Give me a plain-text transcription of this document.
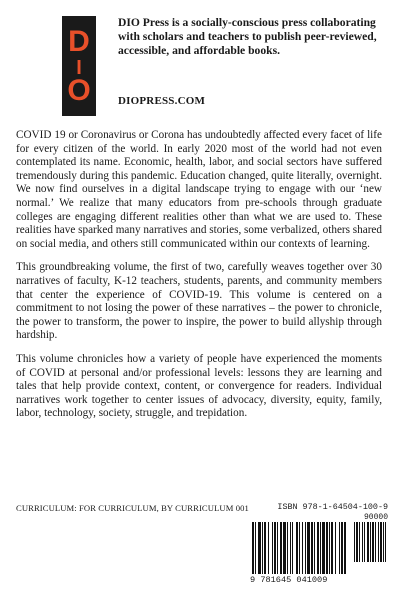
D
I
O
DIO Press is a socially-conscious press collaborating with scholars and teachers to publish peer-reviewed, accessible, and affordable books.
DIOPRESS.COM

COVID 19 or Coronavirus or Corona has undoubtedly affected every facet of life for every citizen of the world. In early 2020 most of the world had not even contemplated its name. Economic, health, labor, and social sectors have suffered tremendously during this pandemic. Education changed, quite literally, overnight. We now find ourselves in a digital landscape trying to engage with our ‘new normal.’ We realize that many educators from pre-schools through graduate colleges are engaging different realities other than what we are used to. These realities have sparked many narratives and stories, some verbalized, others shared on social media, and others still communicated within our contexts of learning.

This groundbreaking volume, the first of two, carefully weaves together over 30 narratives of faculty, K-12 teachers, students, parents, and community members that center the experience of COVID-19. This volume is centered on a commitment to not losing the power of these narratives – the power to chronicle, the power to transform, the power to inspire, the power to build allyship through hardship.

This volume chronicles how a variety of people have experienced the moments of COVID at personal and/or professional levels: lessons they are learning and tales that help provide context, content, or convergence for readers. Individual narratives work together to center issues of advocacy, diversity, equity, family, labor, technology, society, struggle, and trepidation.

CURRICULUM: FOR CURRICULUM, BY CURRICULUM 001	ISBN 978-1-64504-100-9
90000
9 781645 041009
